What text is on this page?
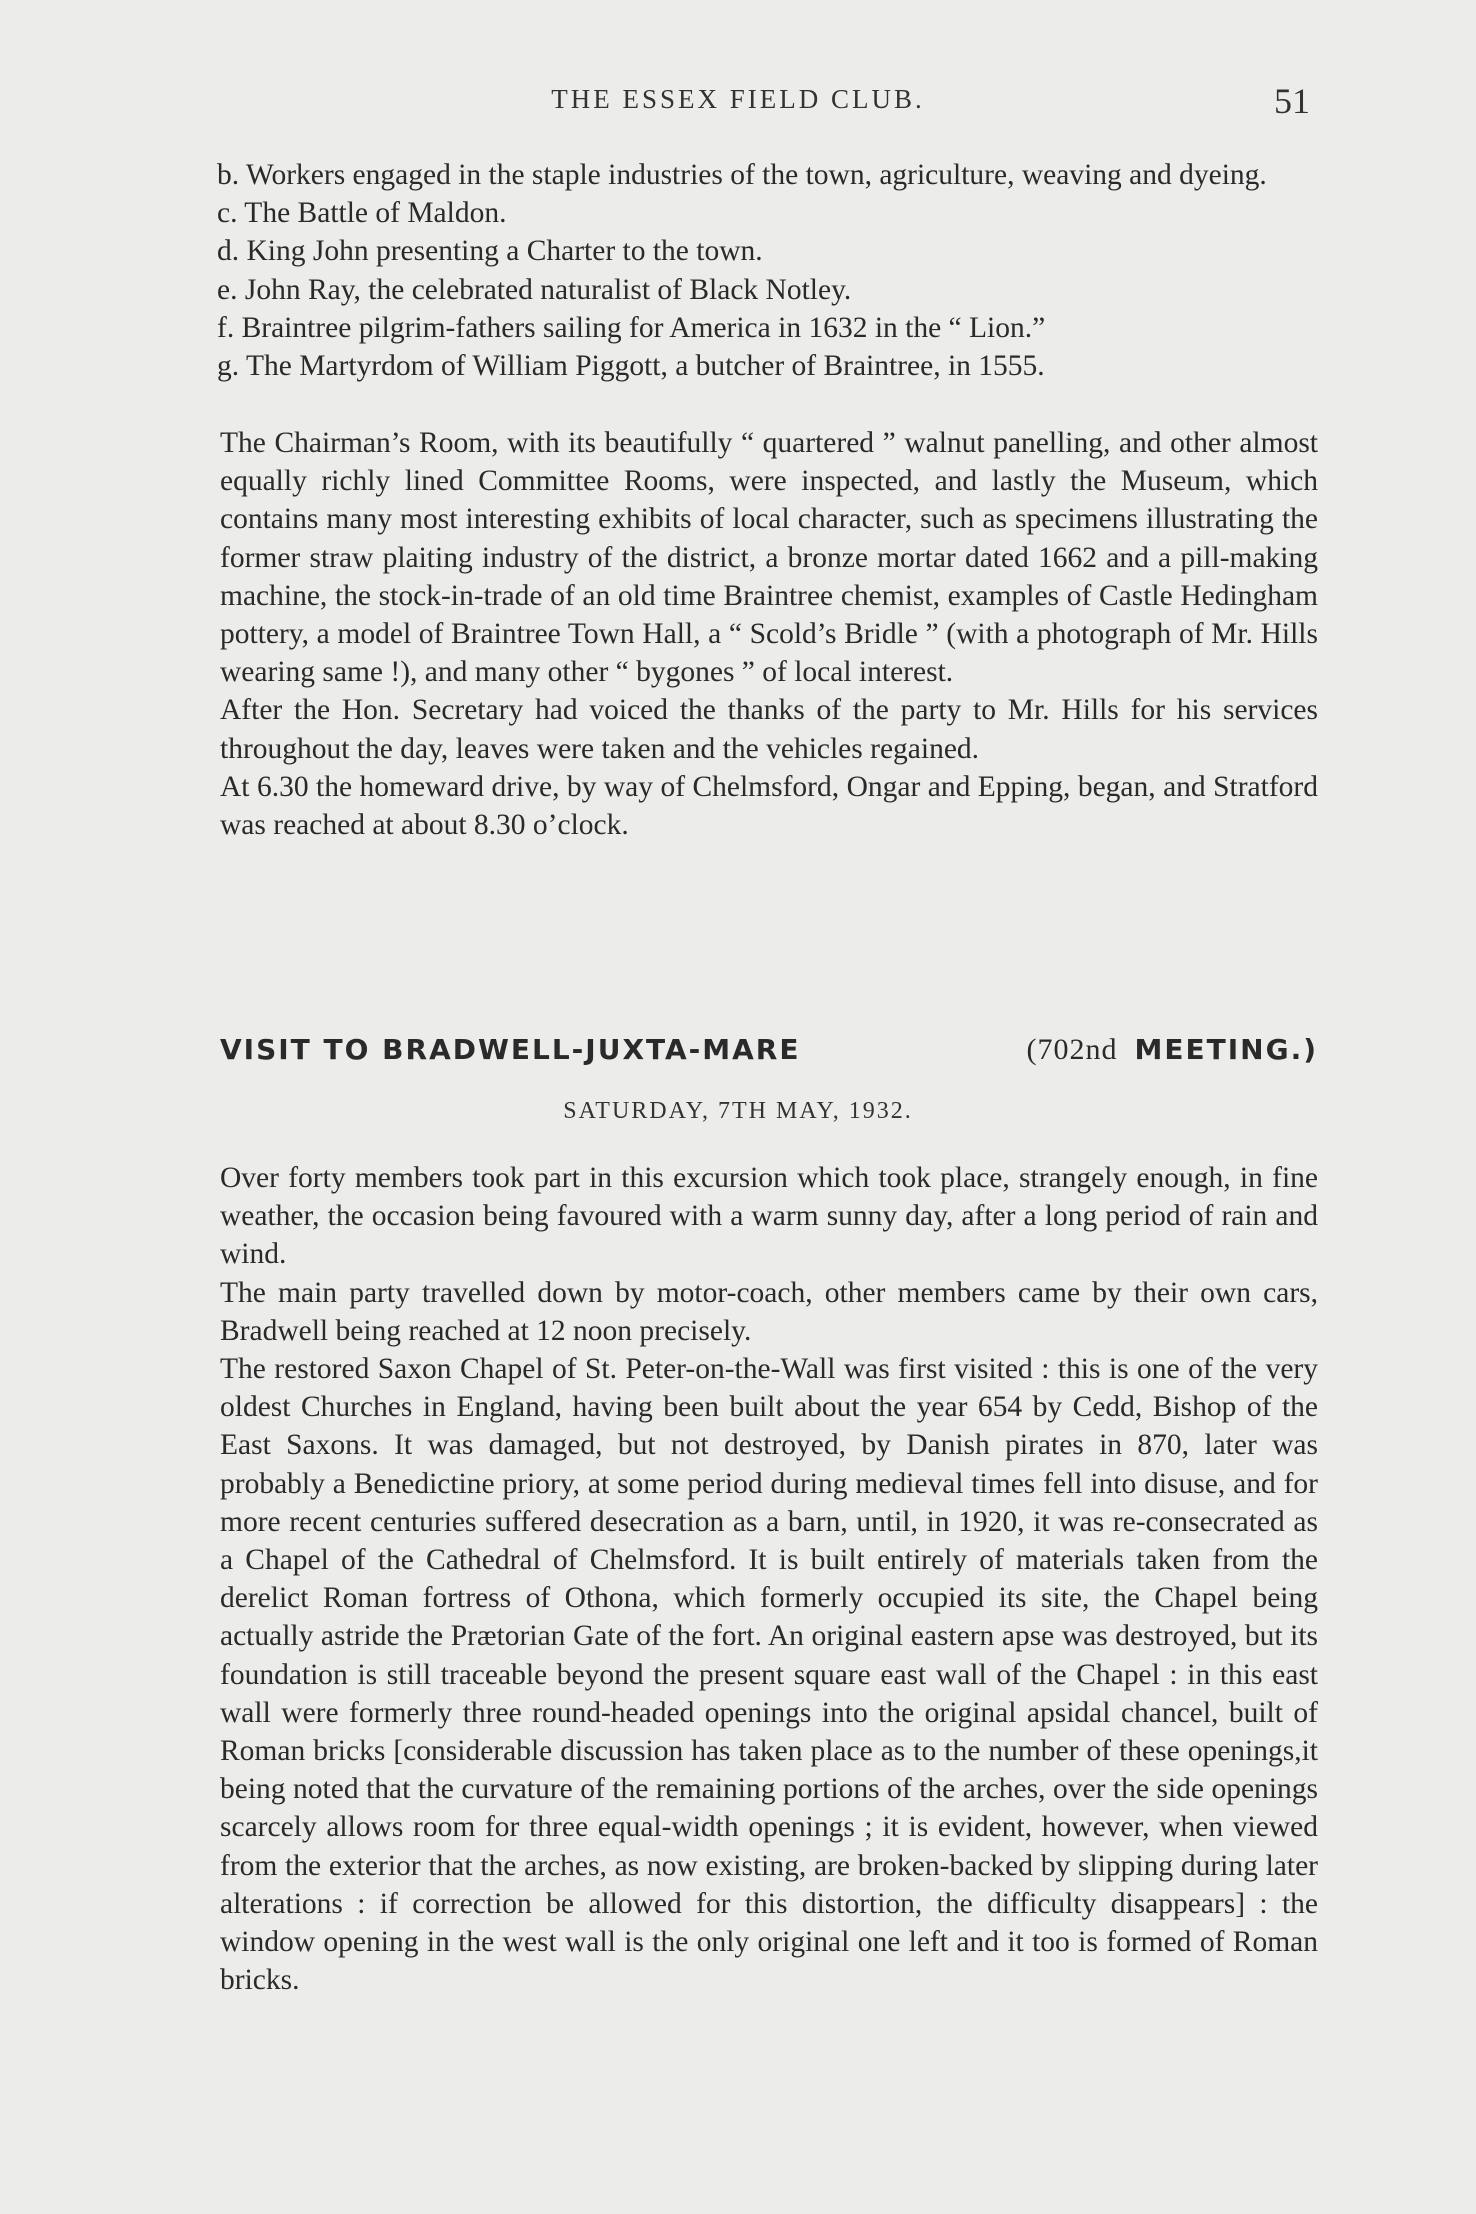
THE ESSEX FIELD CLUB.	51
b. Workers engaged in the staple industries of the town, agriculture, weaving and dyeing.
c. The Battle of Maldon.
d. King John presenting a Charter to the town.
e. John Ray, the celebrated naturalist of Black Notley.
f. Braintree pilgrim-fathers sailing for America in 1632 in the “ Lion.”
g. The Martyrdom of William Piggott, a butcher of Braintree, in 1555.

The Chairman’s Room, with its beautifully “ quartered ” walnut panelling, and other almost equally richly lined Committee Rooms, were inspected, and lastly the Museum, which contains many most interesting exhibits of local character, such as specimens illustrating the former straw plaiting industry of the district, a bronze mortar dated 1662 and a pill-making machine, the stock-in-trade of an old time Braintree chemist, examples of Castle Hedingham pottery, a model of Braintree Town Hall, a “ Scold’s Bridle ” (with a photograph of Mr. Hills wearing same !), and many other “ bygones ” of local interest.

After the Hon. Secretary had voiced the thanks of the party to Mr. Hills for his services throughout the day, leaves were taken and the vehicles regained.

At 6.30 the homeward drive, by way of Chelmsford, Ongar and Epping, began, and Stratford was reached at about 8.30 o’clock.

VISIT TO BRADWELL-JUXTA-MARE	(702nd MEETING.)
SATURDAY, 7TH MAY, 1932.

Over forty members took part in this excursion which took place, strangely enough, in fine weather, the occasion being favoured with a warm sunny day, after a long period of rain and wind.

The main party travelled down by motor-coach, other members came by their own cars, Bradwell being reached at 12 noon precisely.

The restored Saxon Chapel of St. Peter-on-the-Wall was first visited : this is one of the very oldest Churches in England, having been built about the year 654 by Cedd, Bishop of the East Saxons. It was damaged, but not destroyed, by Danish pirates in 870, later was probably a Benedictine priory, at some period during medieval times fell into disuse, and for more recent centuries suffered desecration as a barn, until, in 1920, it was re-consecrated as a Chapel of the Cathedral of Chelmsford. It is built entirely of materials taken from the derelict Roman fortress of Othona, which formerly occupied its site, the Chapel being actually astride the Prætorian Gate of the fort. An original eastern apse was destroyed, but its foundation is still traceable beyond the present square east wall of the Chapel : in this east wall were formerly three round-headed openings into the original apsidal chancel, built of Roman bricks [considerable discussion has taken place as to the number of these openings,it being noted that the curvature of the remaining portions of the arches, over the side openings scarcely allows room for three equal-width openings ; it is evident, however, when viewed from the exterior that the arches, as now existing, are broken-backed by slipping during later alterations : if correction be allowed for this distortion, the difficulty disappears] : the window opening in the west wall is the only original one left and it too is formed of Roman bricks.
